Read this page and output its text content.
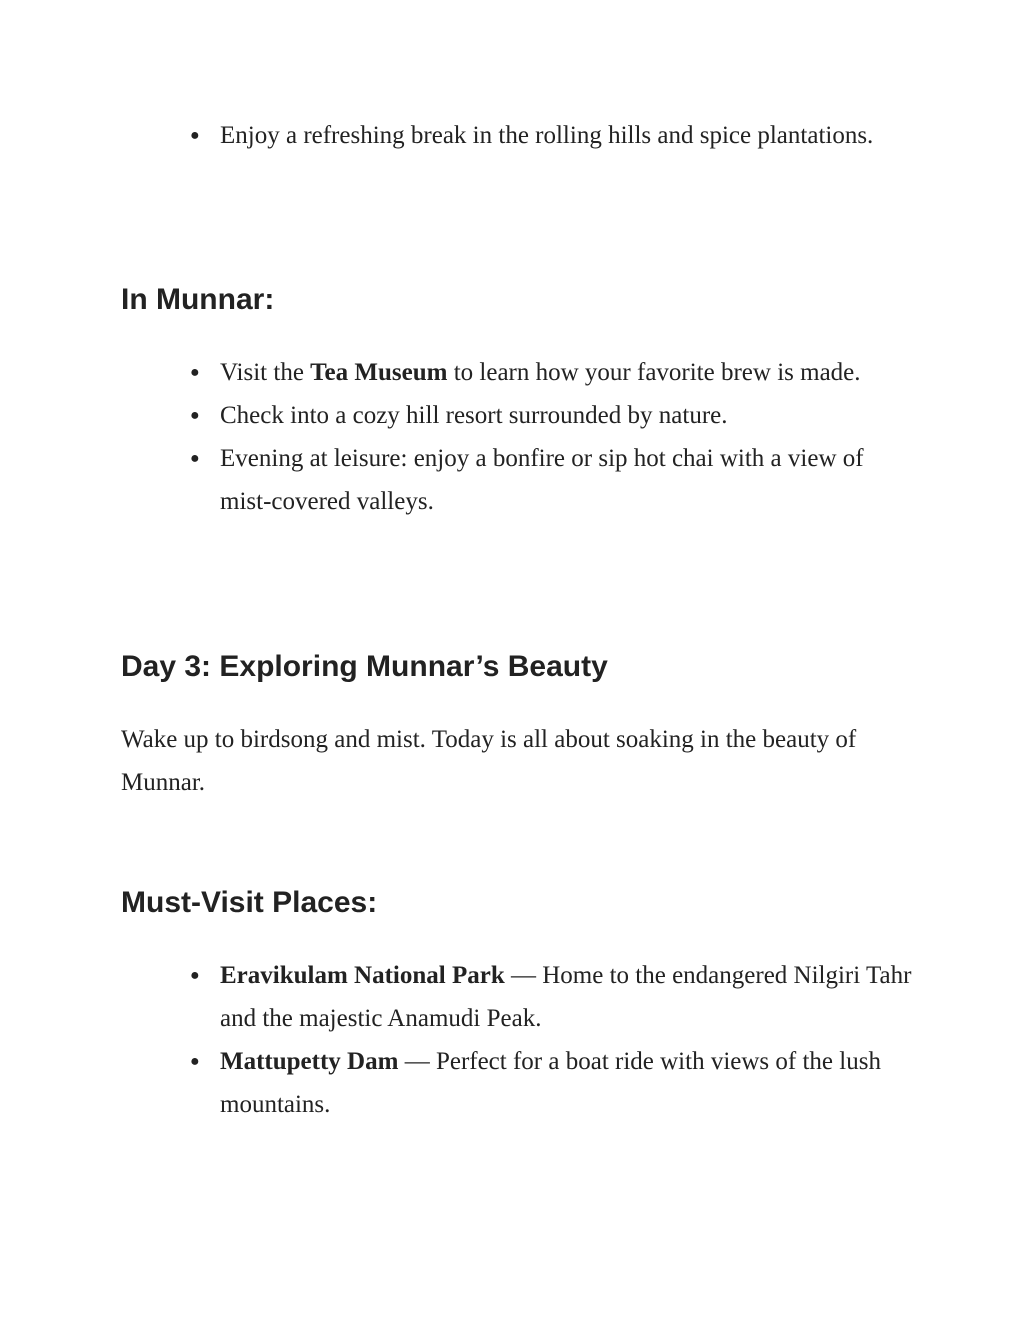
● Enjoy a refreshing break in the rolling hills and spice plantations.
In Munnar:
● Visit the Tea Museum to learn how your favorite brew is made.
● Check into a cozy hill resort surrounded by nature.
● Evening at leisure: enjoy a bonfire or sip hot chai with a view of mist-covered valleys.
Day 3: Exploring Munnar’s Beauty

Wake up to birdsong and mist. Today is all about soaking in the beauty of Munnar.

Must-Visit Places:
● Eravikulam National Park — Home to the endangered Nilgiri Tahr and the majestic Anamudi Peak.
● Mattupetty Dam — Perfect for a boat ride with views of the lush mountains.
